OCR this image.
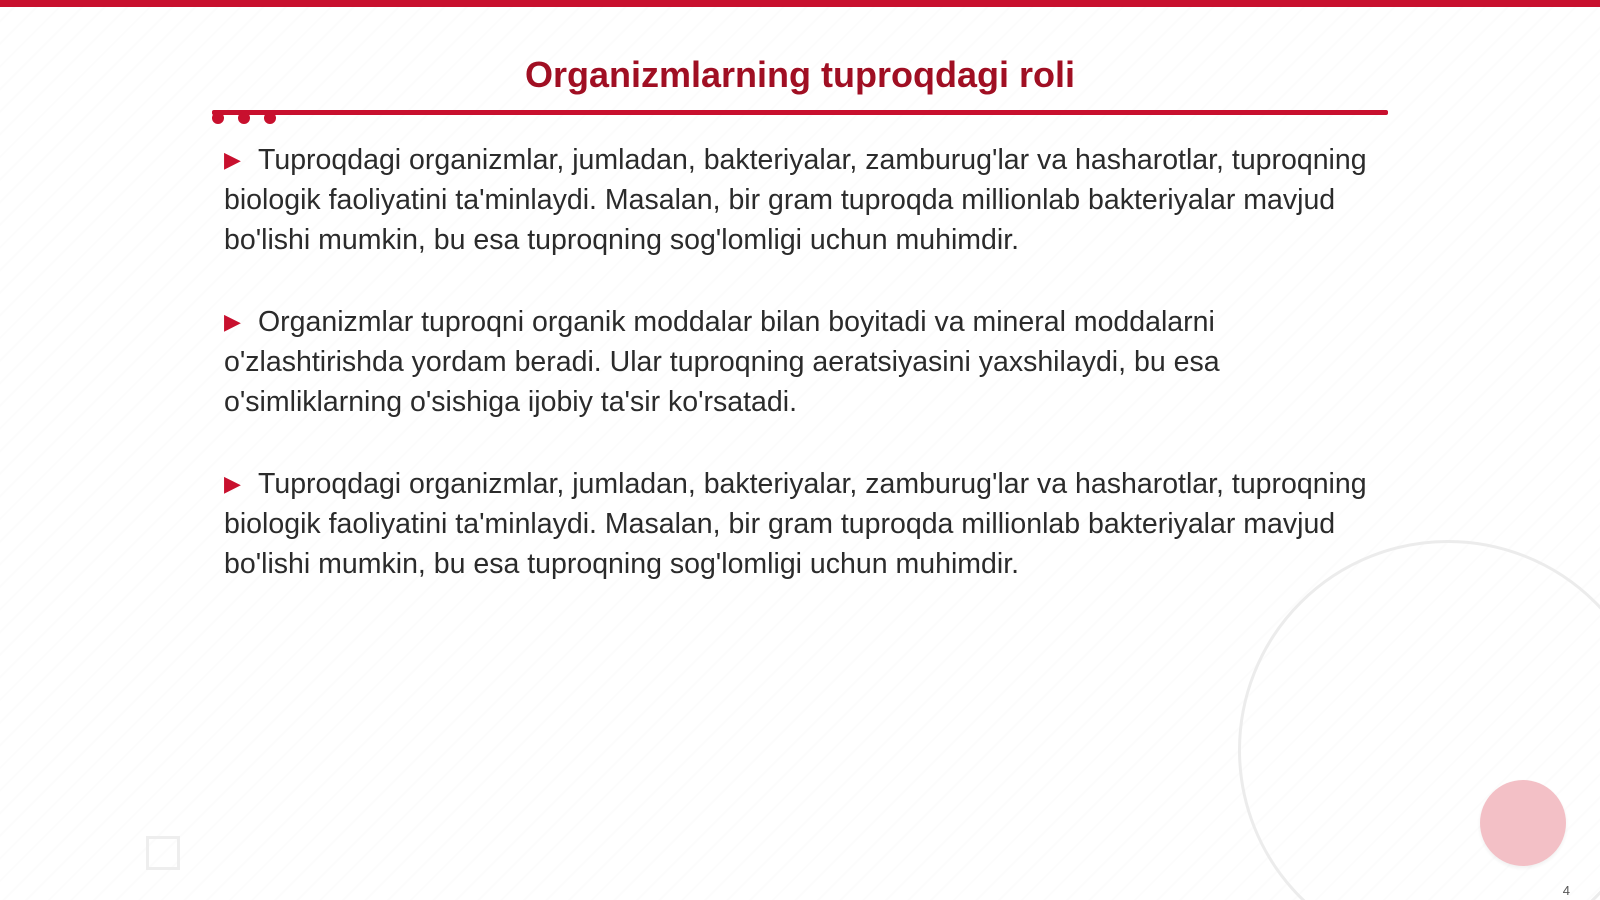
Organizmlarning tuproqdagi roli
▶ Tuproqdagi organizmlar, jumladan, bakteriyalar, zamburug'lar va hasharotlar, tuproqning biologik faoliyatini ta'minlaydi. Masalan, bir gram tuproqda millionlab bakteriyalar mavjud bo'lishi mumkin, bu esa tuproqning sog'lomligi uchun muhimdir.
▶ Organizmlar tuproqni organik moddalar bilan boyitadi va mineral moddalarni o'zlashtirishda yordam beradi. Ular tuproqning aeratsiyasini yaxshilaydi, bu esa o'simliklarning o'sishiga ijobiy ta'sir ko'rsatadi.
▶ Tuproqdagi organizmlar, jumladan, bakteriyalar, zamburug'lar va hasharotlar, tuproqning biologik faoliyatini ta'minlaydi. Masalan, bir gram tuproqda millionlab bakteriyalar mavjud bo'lishi mumkin, bu esa tuproqning sog'lomligi uchun muhimdir.
4
